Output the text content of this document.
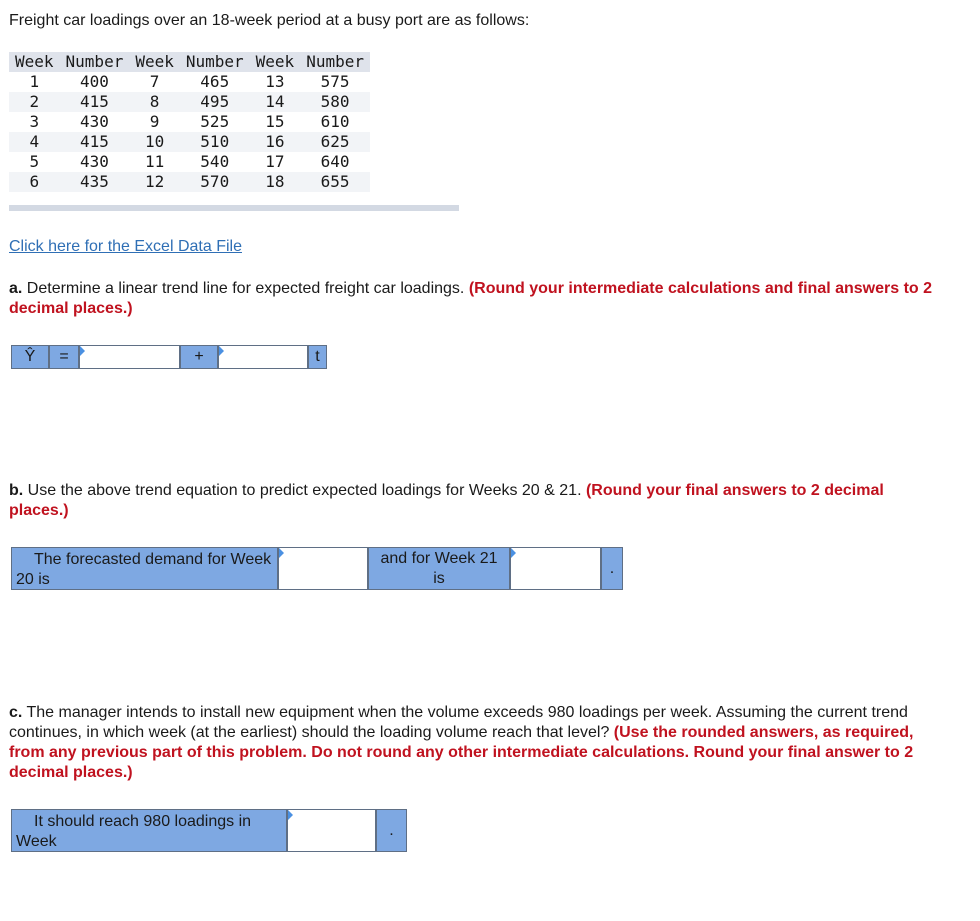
Freight car loadings over an 18-week period at a busy port are as follows:
Week	Number	Week	Number	Week	Number
1	400	7	465	13	575
2	415	8	495	14	580
3	430	9	525	15	610
4	415	10	510	16	625
5	430	11	540	17	640
6	435	12	570	18	655
Click here for the Excel Data File
a. Determine a linear trend line for expected freight car loadings. (Round your intermediate calculations and final answers to 2 decimal places.)
Ŷ	=	+	t
b. Use the above trend equation to predict expected loadings for Weeks 20 & 21. (Round your final answers to 2 decimal places.)
The forecasted demand for Week 20 is
and for Week 21 is
.
c. The manager intends to install new equipment when the volume exceeds 980 loadings per week. Assuming the current trend continues, in which week (at the earliest) should the loading volume reach that level? (Use the rounded answers, as required, from any previous part of this problem. Do not round any other intermediate calculations. Round your final answer to 2 decimal places.)
It should reach 980 loadings in Week
.
